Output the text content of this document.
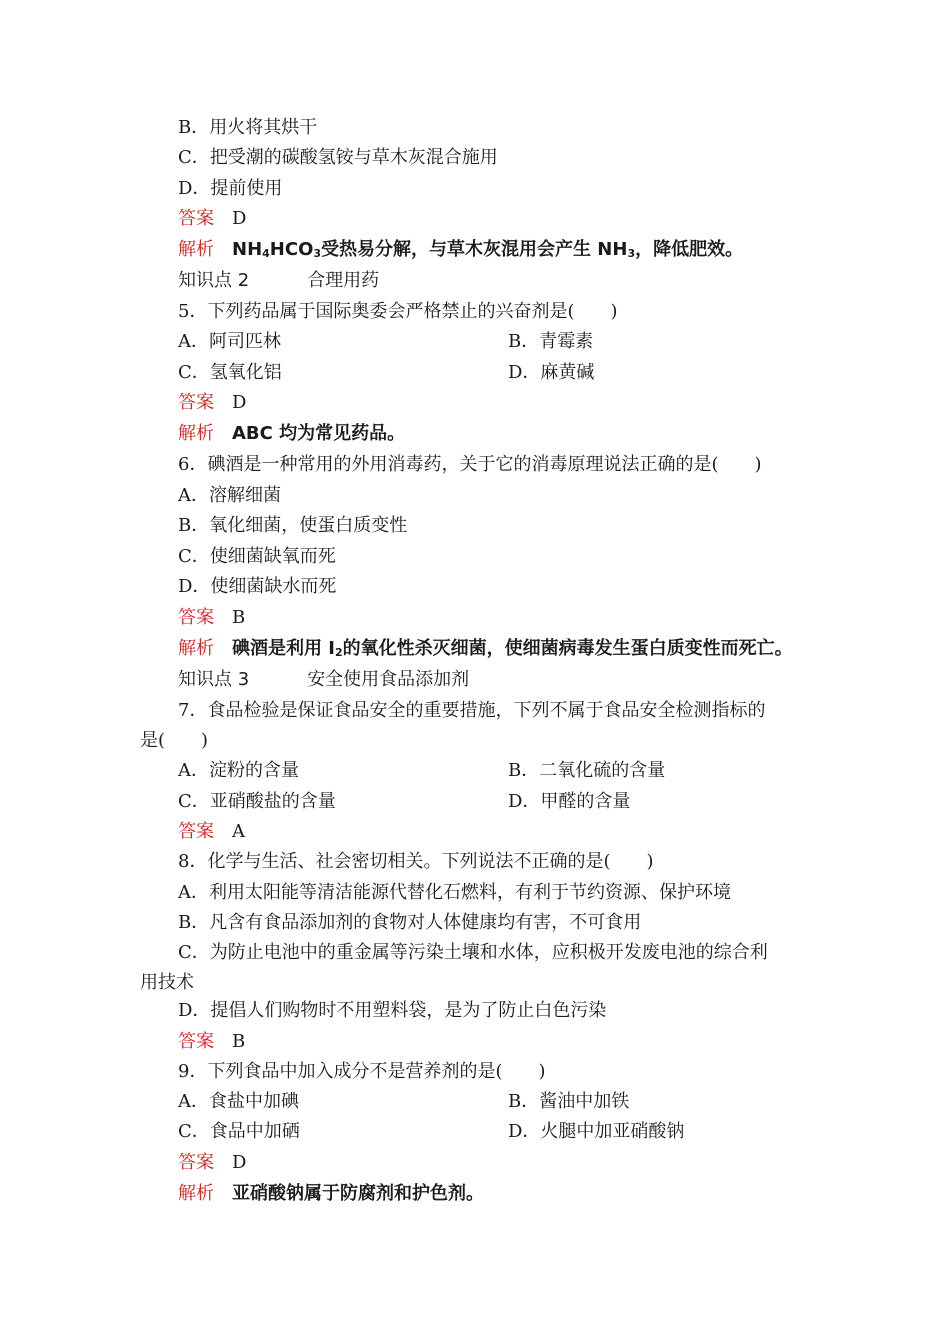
B．用火将其烘干
C．把受潮的碳酸氢铵与草木灰混合施用
D．提前使用
答案 D
解析 $NH_4HCO_3$受热易分解，与草木灰混用会产生 $NH_3$，降低肥效。
知识点 2	合理用药
5．下列药品属于国际奥委会严格禁止的兴奋剂是(　　)
A．阿司匹林	B．青霉素
C．氢氧化铝	D．麻黄碱
答案 D
解析 ABC 均为常见药品。
6．碘酒是一种常用的外用消毒药，关于它的消毒原理说法正确的是(　　)
A．溶解细菌
B．氧化细菌，使蛋白质变性
C．使细菌缺氧而死
D．使细菌缺水而死
答案 B
解析 碘酒是利用 $I_2$的氧化性杀灭细菌，使细菌病毒发生蛋白质变性而死亡。
知识点 3	安全使用食品添加剂
7．食品检验是保证食品安全的重要措施，下列不属于食品安全检测指标的
是(　　)
A．淀粉的含量	B．二氧化硫的含量
C．亚硝酸盐的含量	D．甲醛的含量
答案 A
8．化学与生活、社会密切相关。下列说法不正确的是(　　)
A．利用太阳能等清洁能源代替化石燃料，有利于节约资源、保护环境
B．凡含有食品添加剂的食物对人体健康均有害，不可食用
C．为防止电池中的重金属等污染土壤和水体，应积极开发废电池的综合利
用技术
D．提倡人们购物时不用塑料袋，是为了防止白色污染
答案 B
9．下列食品中加入成分不是营养剂的是(　　)
A．食盐中加碘	B．酱油中加铁
C．食品中加硒	D．火腿中加亚硝酸钠
答案 D
解析 亚硝酸钠属于防腐剂和护色剂。
